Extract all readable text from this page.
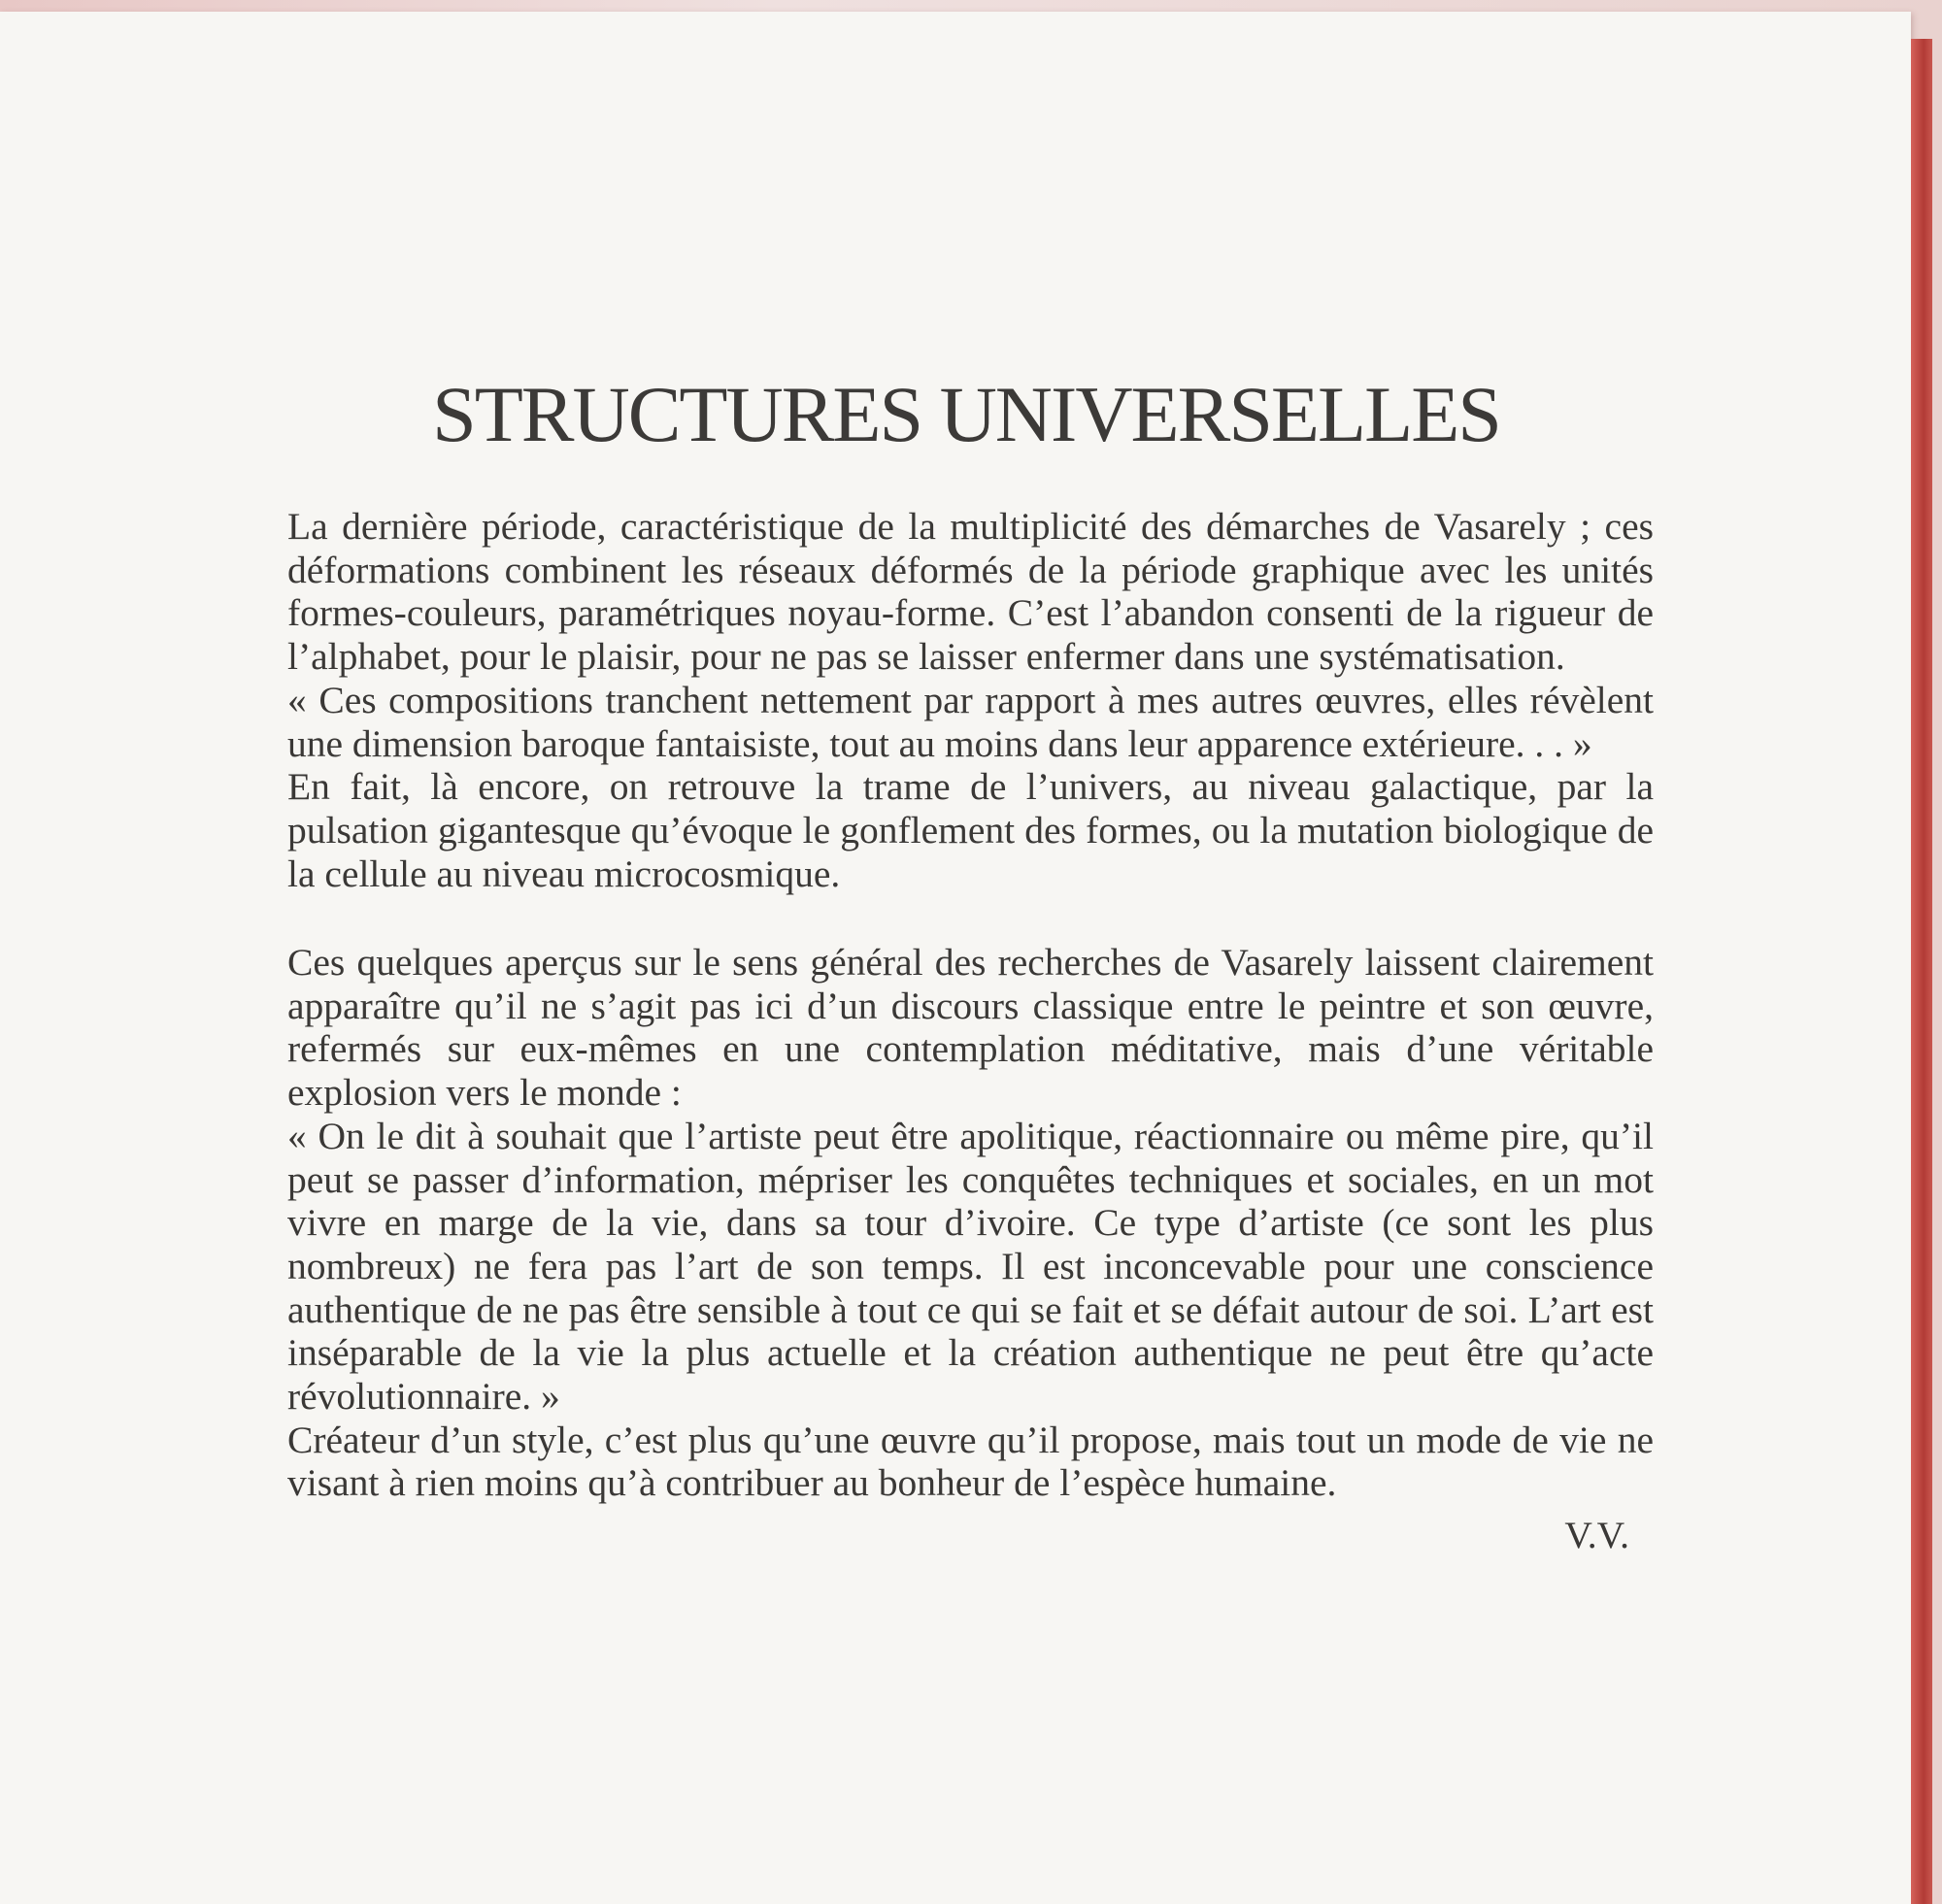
STRUCTURES UNIVERSELLES

La dernière période, caractéristique de la multiplicité des démarches de Vasarely ; ces déformations combinent les réseaux déformés de la période graphique avec les unités formes-couleurs, paramétriques noyau-forme. C’est l’abandon consenti de la rigueur de l’alphabet, pour le plaisir, pour ne pas se laisser enfermer dans une systématisation.

« Ces compositions tranchent nettement par rapport à mes autres œuvres, elles révèlent une dimension baroque fantaisiste, tout au moins dans leur apparence extérieure. . . »

En fait, là encore, on retrouve la trame de l’univers, au niveau galactique, par la pulsation gigantesque qu’évoque le gonflement des formes, ou la mutation biologique de la cellule au niveau microcosmique.

Ces quelques aperçus sur le sens général des recherches de Vasarely laissent clairement apparaître qu’il ne s’agit pas ici d’un discours classique entre le peintre et son œuvre, refermés sur eux-mêmes en une contemplation méditative, mais d’une véritable explosion vers le monde :

« On le dit à souhait que l’artiste peut être apolitique, réactionnaire ou même pire, qu’il peut se passer d’information, mépriser les conquêtes techniques et sociales, en un mot vivre en marge de la vie, dans sa tour d’ivoire. Ce type d’artiste (ce sont les plus nombreux) ne fera pas l’art de son temps. Il est inconcevable pour une conscience authentique de ne pas être sensible à tout ce qui se fait et se défait autour de soi. L’art est inséparable de la vie la plus actuelle et la création authentique ne peut être qu’acte révolutionnaire. »

Créateur d’un style, c’est plus qu’une œuvre qu’il propose, mais tout un mode de vie ne visant à rien moins qu’à contribuer au bonheur de l’espèce humaine.

V.V.
